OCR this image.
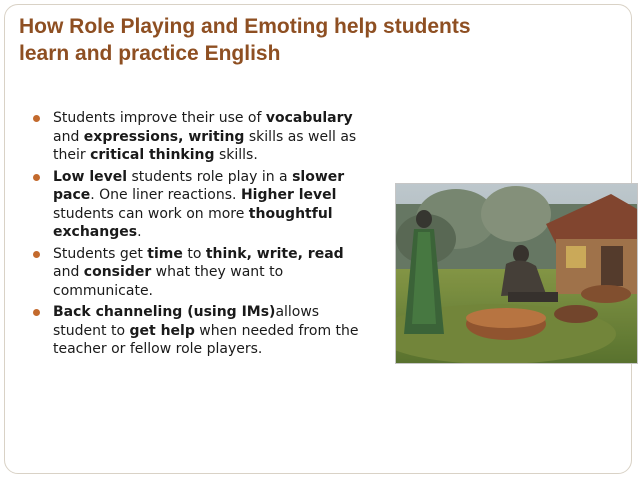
How Role Playing and Emoting help students
learn and practice English
Students improve their use of vocabulary and expressions, writing skills as well as their critical thinking skills.
Low level students role play in a slower pace. One liner reactions. Higher level students can work on more thoughtful exchanges.
Students get time to think, write, read and consider what they want to communicate.
Back channeling (using IMs)allows student to get help when needed from the teacher or fellow role players.
